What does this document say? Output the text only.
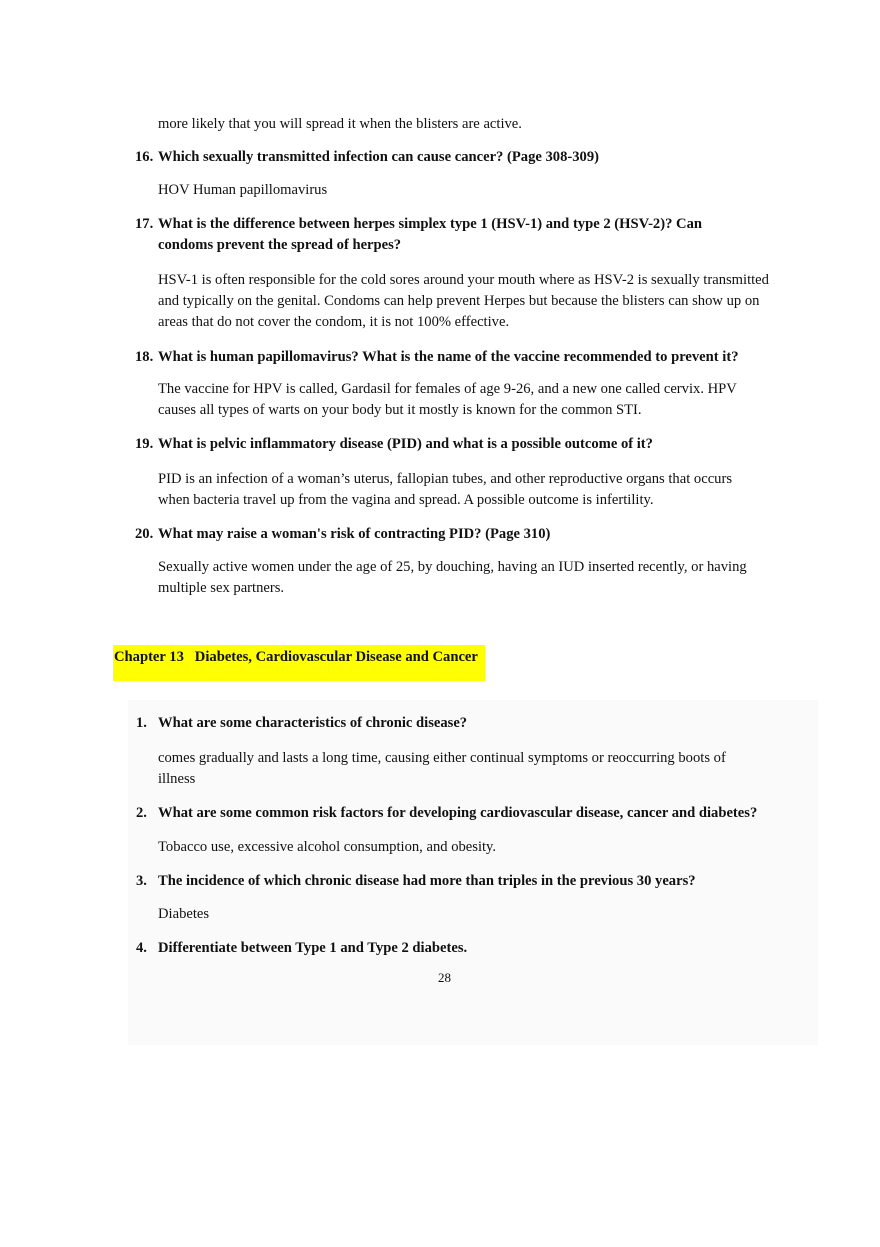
more likely that you will spread it when the blisters are active.
16. Which sexually transmitted infection can cause cancer? (Page 308-309)
HOV Human papillomavirus
17. What is the difference between herpes simplex type 1 (HSV-1) and type 2 (HSV-2)? Can condoms prevent the spread of herpes?
HSV-1 is often responsible for the cold sores around your mouth where as HSV-2 is sexually transmitted and typically on the genital. Condoms can help prevent Herpes but because the blisters can show up on areas that do not cover the condom, it is not 100% effective.
18. What is human papillomavirus? What is the name of the vaccine recommended to prevent it?
The vaccine for HPV is called, Gardasil for females of age 9-26, and a new one called cervix. HPV causes all types of warts on your body but it mostly is known for the common STI.
19. What is pelvic inflammatory disease (PID) and what is a possible outcome of it?
PID is an infection of a woman’s uterus, fallopian tubes, and other reproductive organs that occurs when bacteria travel up from the vagina and spread. A possible outcome is infertility.
20. What may raise a woman's risk of contracting PID? (Page 310)
Sexually active women under the age of 25, by douching, having an IUD inserted recently, or having multiple sex partners.
Chapter 13   Diabetes, Cardiovascular Disease and Cancer
1. What are some characteristics of chronic disease?
comes gradually and lasts a long time, causing either continual symptoms or reoccurring boots of illness
2. What are some common risk factors for developing cardiovascular disease, cancer and diabetes?
Tobacco use, excessive alcohol consumption, and obesity.
3. The incidence of which chronic disease had more than triples in the previous 30 years?
Diabetes
4. Differentiate between Type 1 and Type 2 diabetes.
28
